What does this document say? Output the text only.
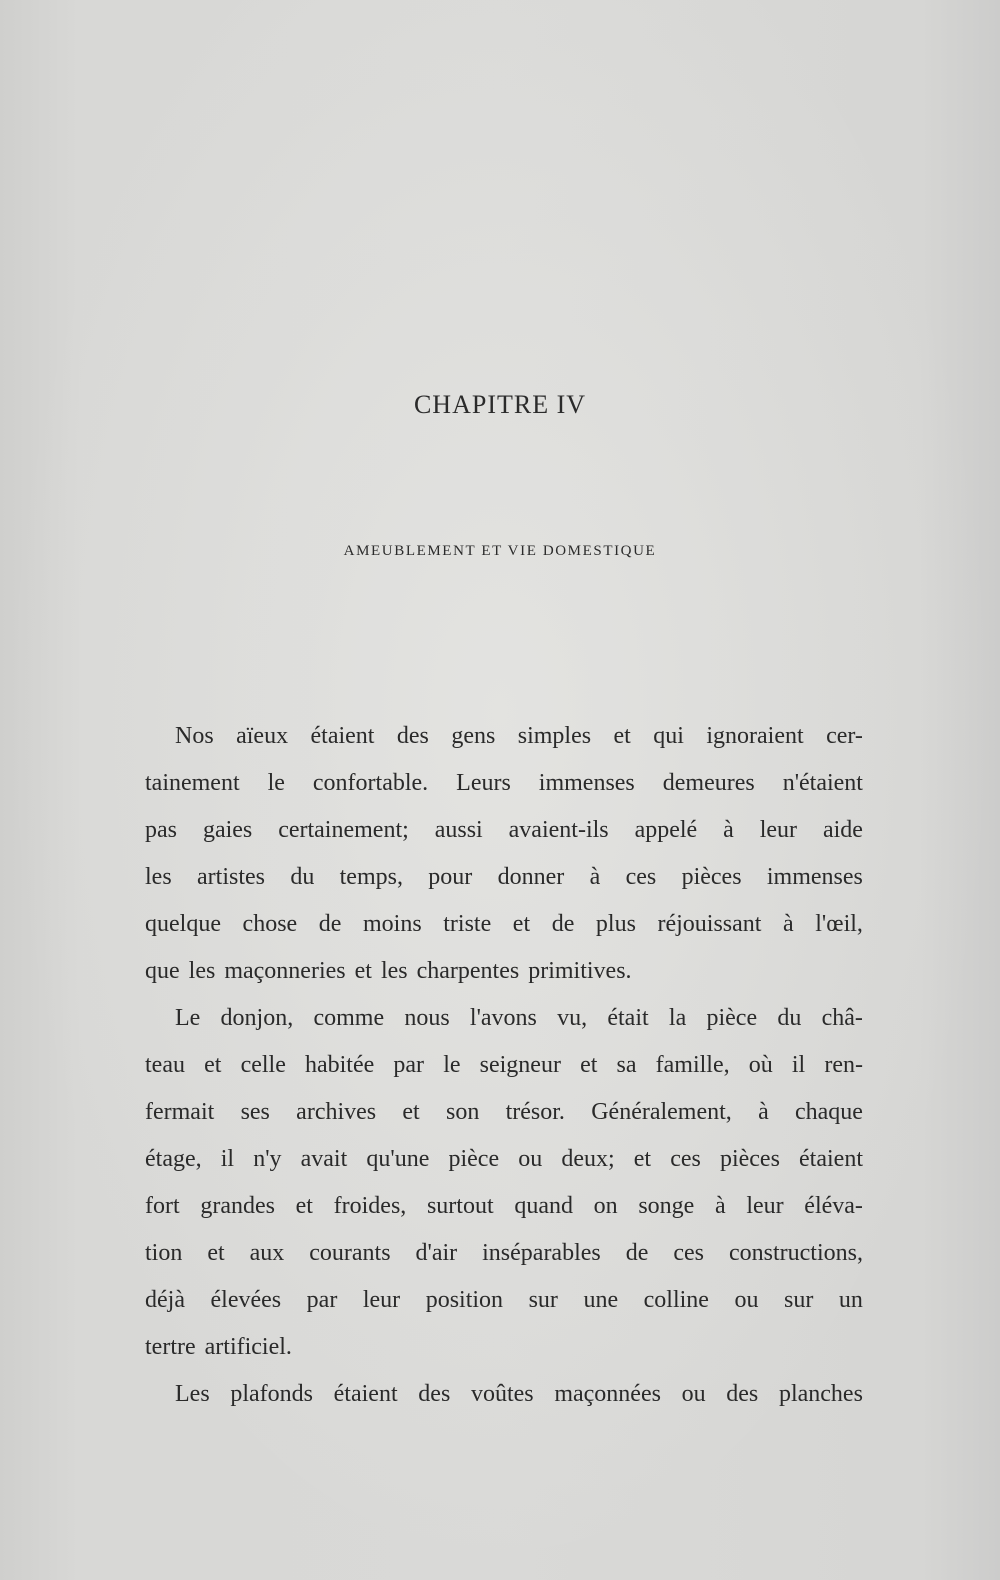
CHAPITRE IV
AMEUBLEMENT ET VIE DOMESTIQUE
Nos aïeux étaient des gens simples et qui ignoraient cer-
tainement le confortable. Leurs immenses demeures n'étaient
pas gaies certainement; aussi avaient-ils appelé à leur aide
les artistes du temps, pour donner à ces pièces immenses
quelque chose de moins triste et de plus réjouissant à l'œil,
que les maçonneries et les charpentes primitives.
Le donjon, comme nous l'avons vu, était la pièce du châ-
teau et celle habitée par le seigneur et sa famille, où il ren-
fermait ses archives et son trésor. Généralement, à chaque
étage, il n'y avait qu'une pièce ou deux; et ces pièces étaient
fort grandes et froides, surtout quand on songe à leur éléva-
tion et aux courants d'air inséparables de ces constructions,
déjà élevées par leur position sur une colline ou sur un
tertre artificiel.
Les plafonds étaient des voûtes maçonnées ou des planches
